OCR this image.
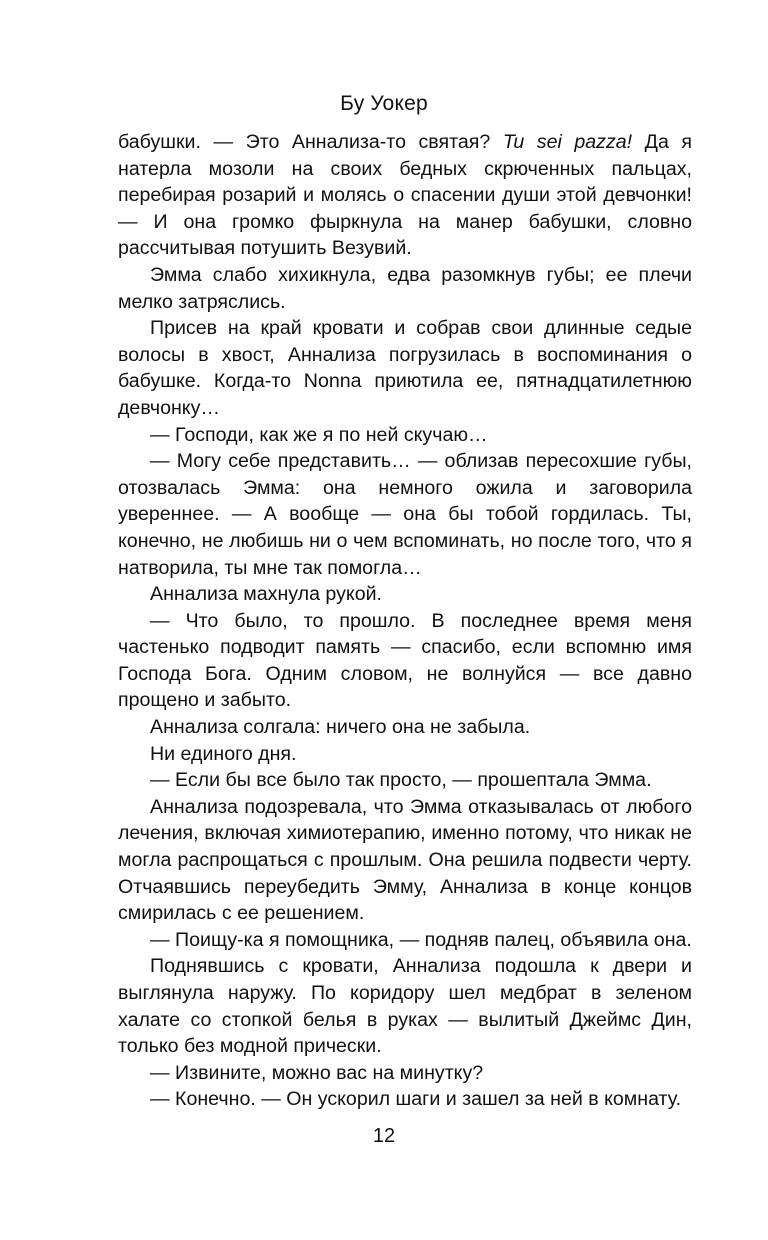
Бу Уокер

бабушки. — Это Аннализа-то святая? Tu sei pazza! Да я натерла мозоли на своих бедных скрюченных пальцах, перебирая розарий и молясь о спасении души этой девчонки! — И она громко фыркнула на манер бабушки, словно рассчитывая потушить Везувий.

Эмма слабо хихикнула, едва разомкнув губы; ее плечи мелко затряслись.

Присев на край кровати и собрав свои длинные седые волосы в хвост, Аннализа погрузилась в воспоминания о бабушке. Когда-то Nonna приютила ее, пятнадцатилетнюю девчонку…

— Господи, как же я по ней скучаю…

— Могу себе представить… — облизав пересохшие губы, отозвалась Эмма: она немного ожила и заговорила увереннее. — А вообще — она бы тобой гордилась. Ты, конечно, не любишь ни о чем вспоминать, но после того, что я натворила, ты мне так помогла…

Аннализа махнула рукой.

— Что было, то прошло. В последнее время меня частенько подводит память — спасибо, если вспомню имя Господа Бога. Одним словом, не волнуйся — все давно прощено и забыто.

Аннализа солгала: ничего она не забыла.

Ни единого дня.

— Если бы все было так просто, — прошептала Эмма.

Аннализа подозревала, что Эмма отказывалась от любого лечения, включая химиотерапию, именно потому, что никак не могла распрощаться с прошлым. Она решила подвести черту. Отчаявшись переубедить Эмму, Аннализа в конце концов смирилась с ее решением.

— Поищу-ка я помощника, — подняв палец, объявила она.

Поднявшись с кровати, Аннализа подошла к двери и выглянула наружу. По коридору шел медбрат в зеленом халате со стопкой белья в руках — вылитый Джеймс Дин, только без модной прически.

— Извините, можно вас на минутку?

— Конечно. — Он ускорил шаги и зашел за ней в комнату.

12
